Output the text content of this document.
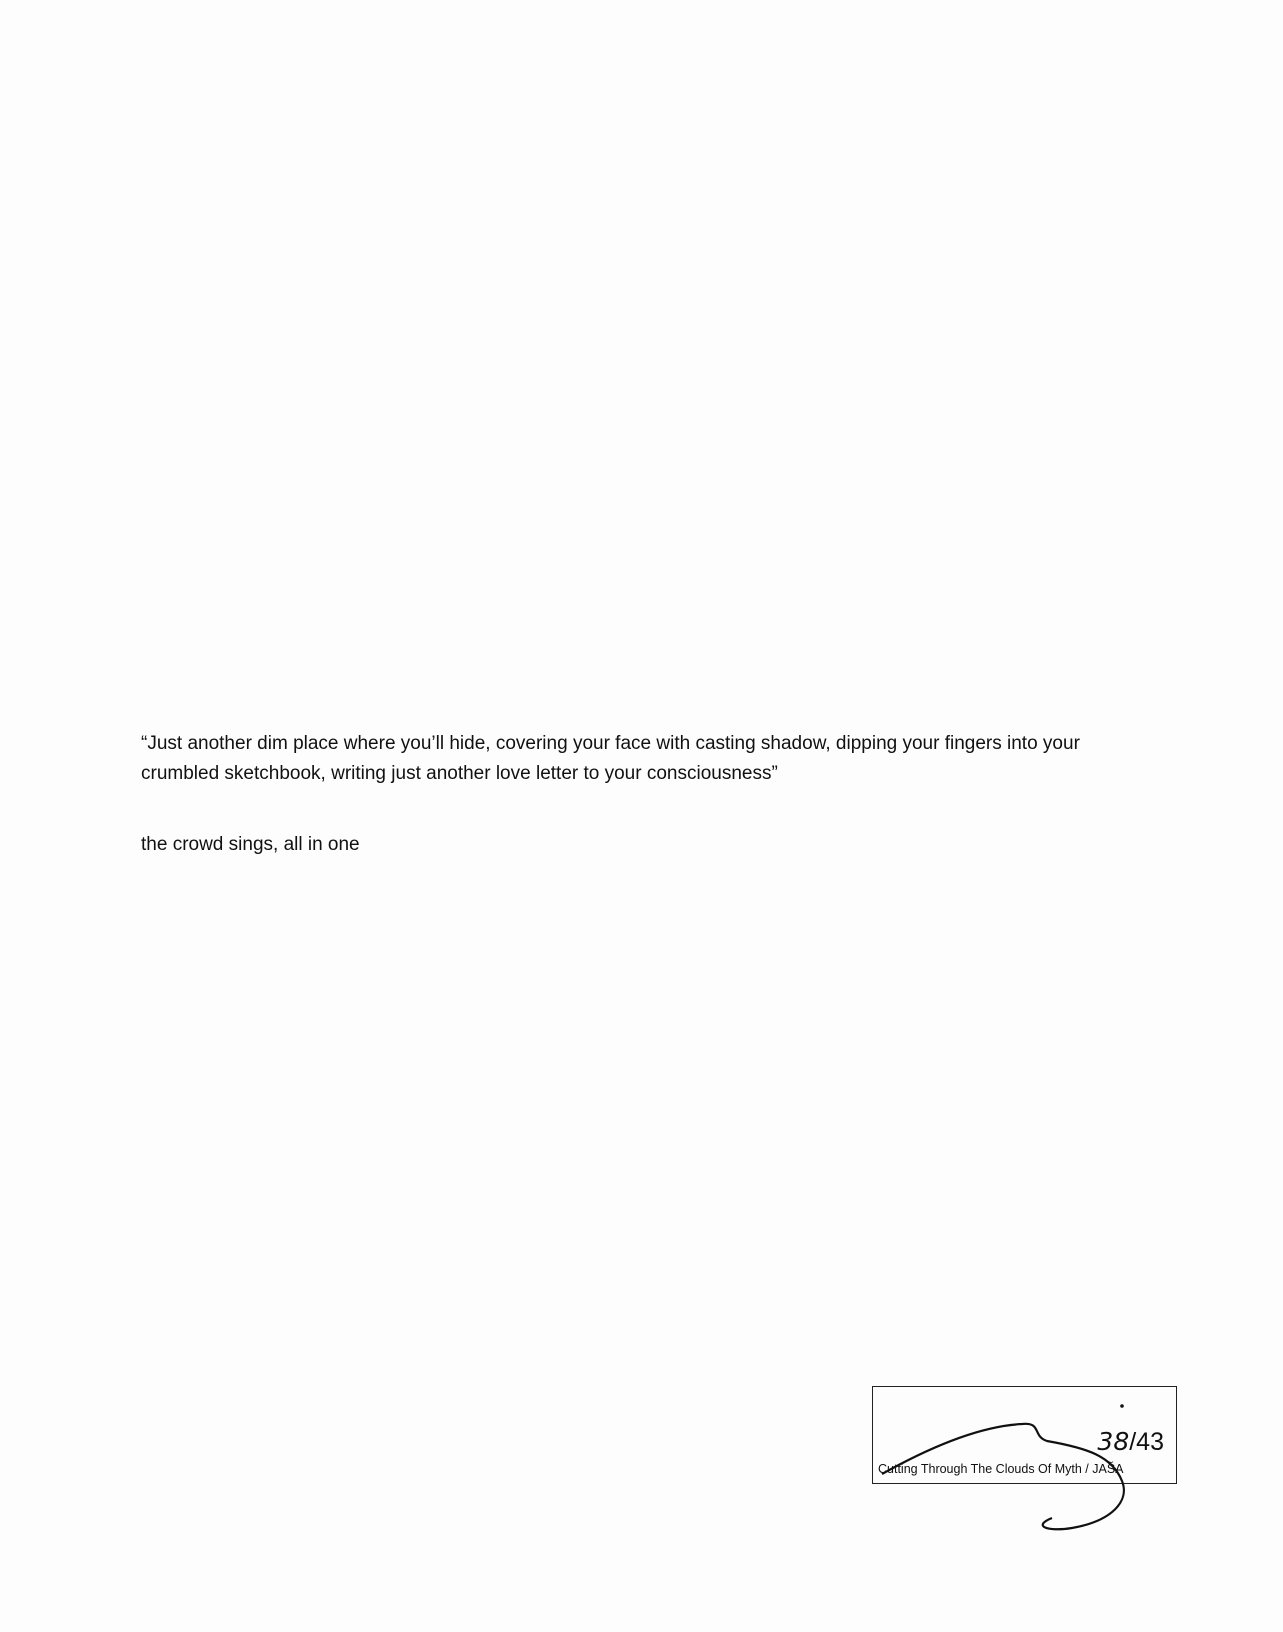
“Just another dim place where you’ll hide, covering your face with casting shadow, dipping your fingers into your crumbled sketchbook, writing just another love letter to your consciousness”
the crowd sings, all in one
38/43
Cutting Through The Clouds Of Myth / JAŠA
